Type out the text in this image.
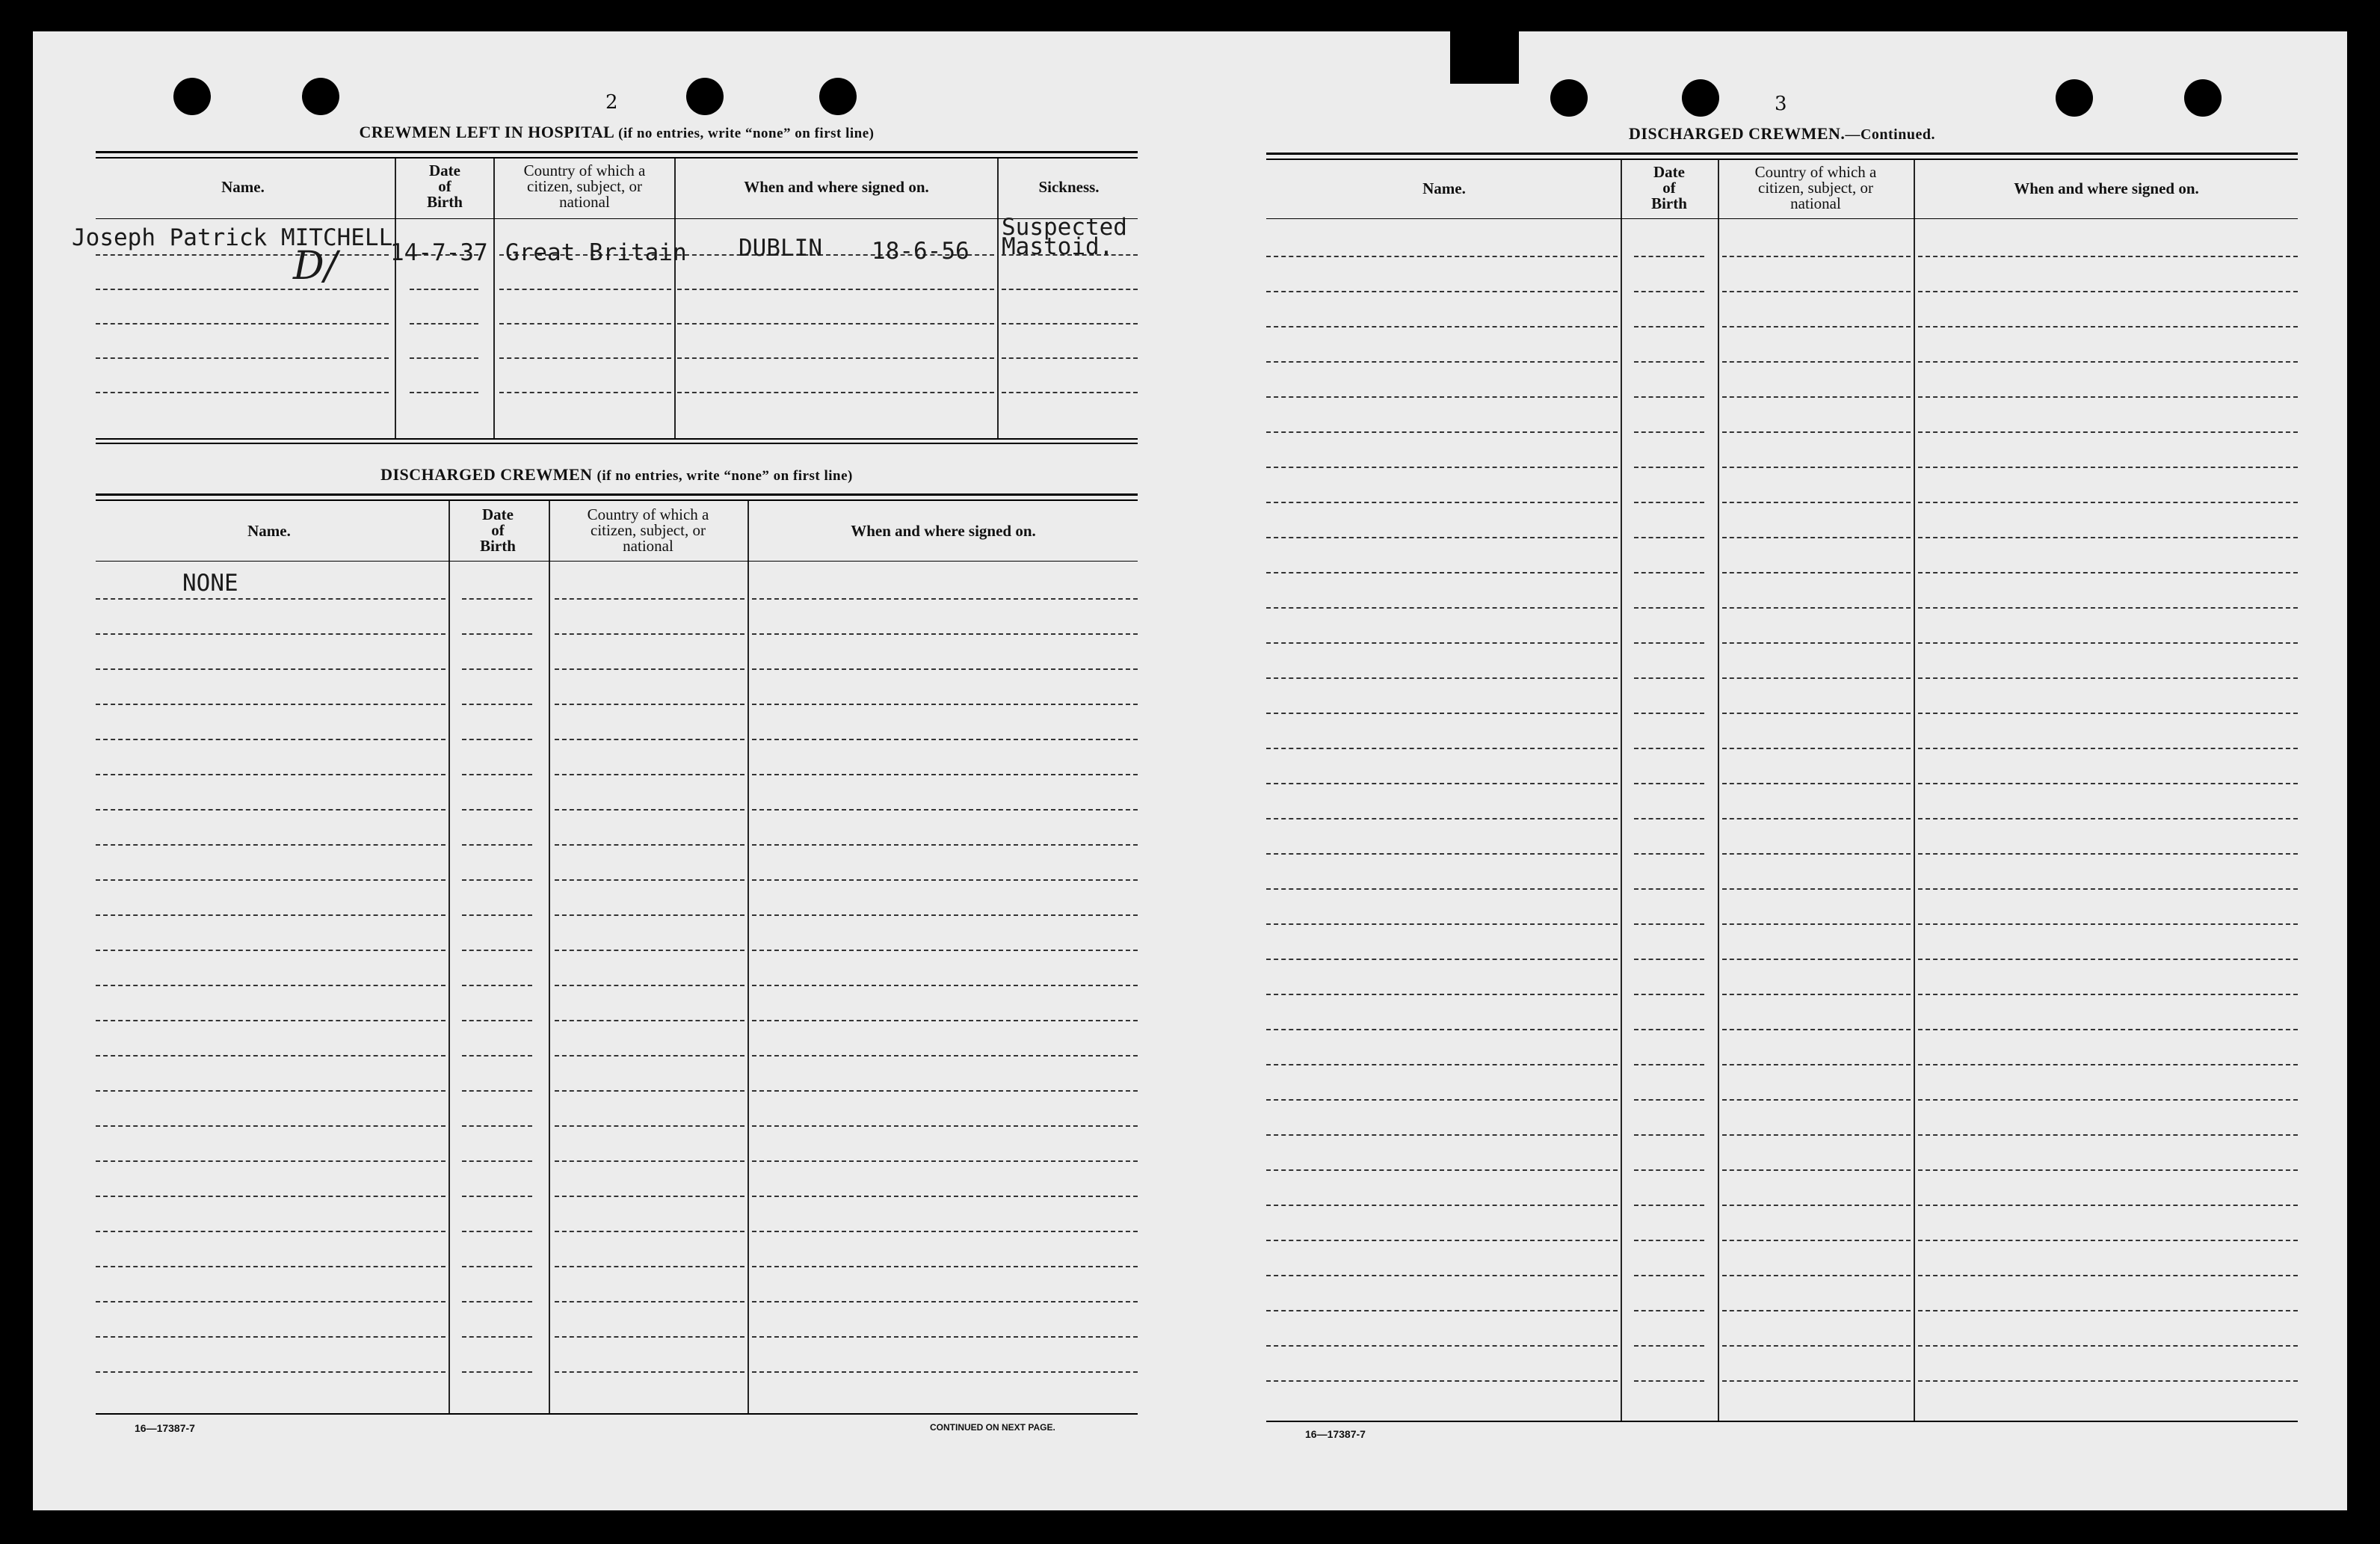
2
CREWMEN LEFT IN HOSPITAL (if no entries, write “none” on first line)
Name.
Date
of
Birth
Country of which a
citizen, subject, or
national
When and where signed on.	Sickness.
Joseph Patrick MITCHELL
14-7-37 Great Britain DUBLIN 18-6-56
Suspected
Mastoid.
D/
DISCHARGED CREWMEN (if no entries, write “none” on first line)
Name.
Date
of
Birth
Country of which a
citizen, subject, or
national
When and where signed on.
NONE
16—17387-7	CONTINUED ON NEXT PAGE.
3
DISCHARGED CREWMEN.—Continued.
Name.
Date
of
Birth
Country of which a
citizen, subject, or
national
When and where signed on.
16—17387-7
